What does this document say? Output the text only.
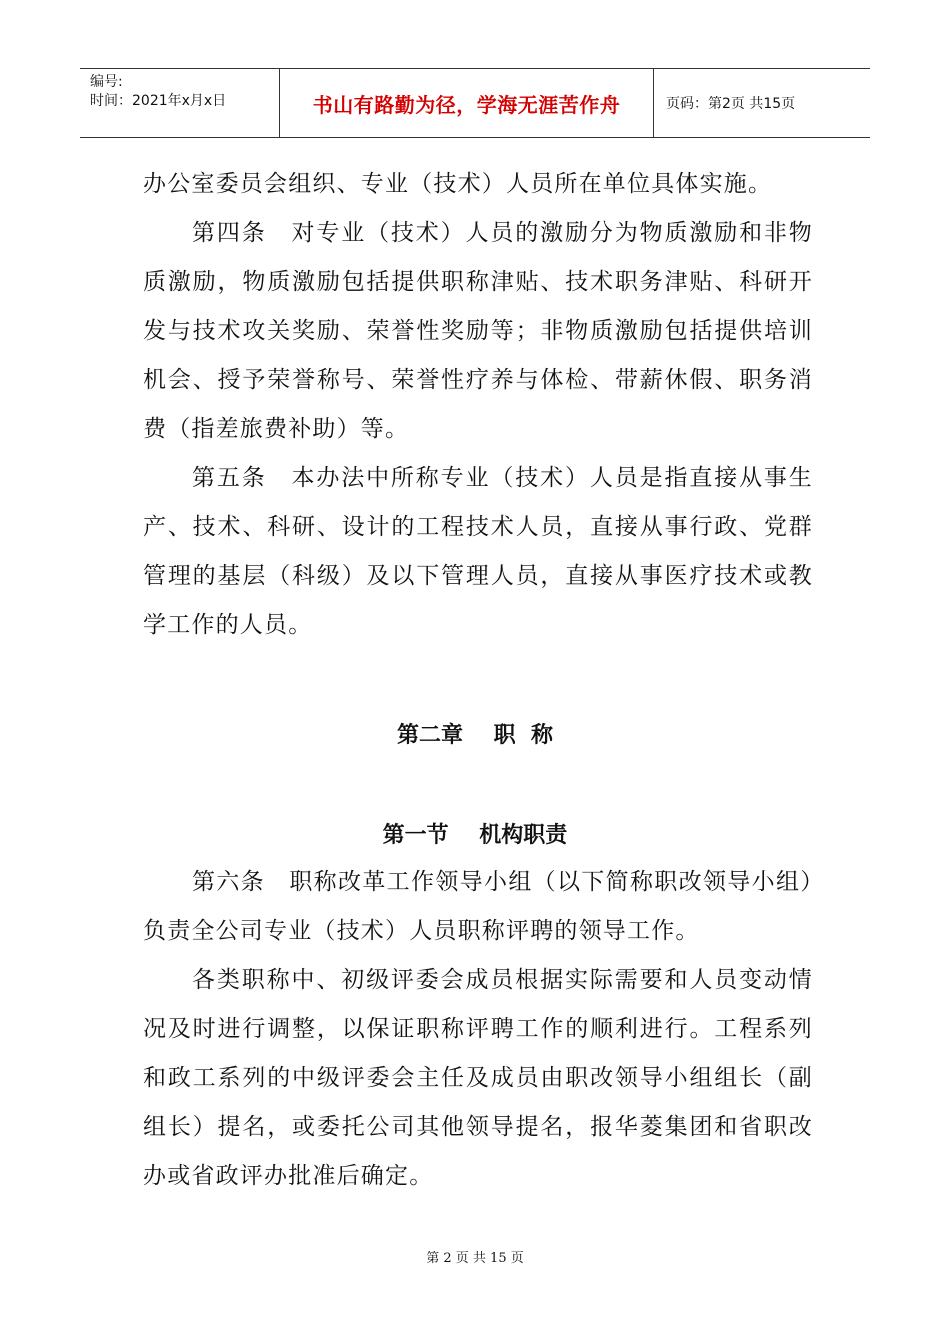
编号:
时间：2021年x月x日	书山有路勤为径，学海无涯苦作舟	页码：第2页 共15页

办公室委员会组织、专业（技术）人员所在单位具体实施。

第四条　对专业（技术）人员的激励分为物质激励和非物质激励，物质激励包括提供职称津贴、技术职务津贴、科研开发与技术攻关奖励、荣誉性奖励等；非物质激励包括提供培训机会、授予荣誉称号、荣誉性疗养与体检、带薪休假、职务消费（指差旅费补助）等。

第五条　本办法中所称专业（技术）人员是指直接从事生产、技术、科研、设计的工程技术人员，直接从事行政、党群管理的基层（科级）及以下管理人员，直接从事医疗技术或教学工作的人员。

第二章    职  称
第一节    机构职责

第六条　职称改革工作领导小组（以下简称职改领导小组）负责全公司专业（技术）人员职称评聘的领导工作。

各类职称中、初级评委会成员根据实际需要和人员变动情况及时进行调整，以保证职称评聘工作的顺利进行。工程系列和政工系列的中级评委会主任及成员由职改领导小组组长（副组长）提名，或委托公司其他领导提名，报华菱集团和省职改办或省政评办批准后确定。

第 2 页 共 15 页
